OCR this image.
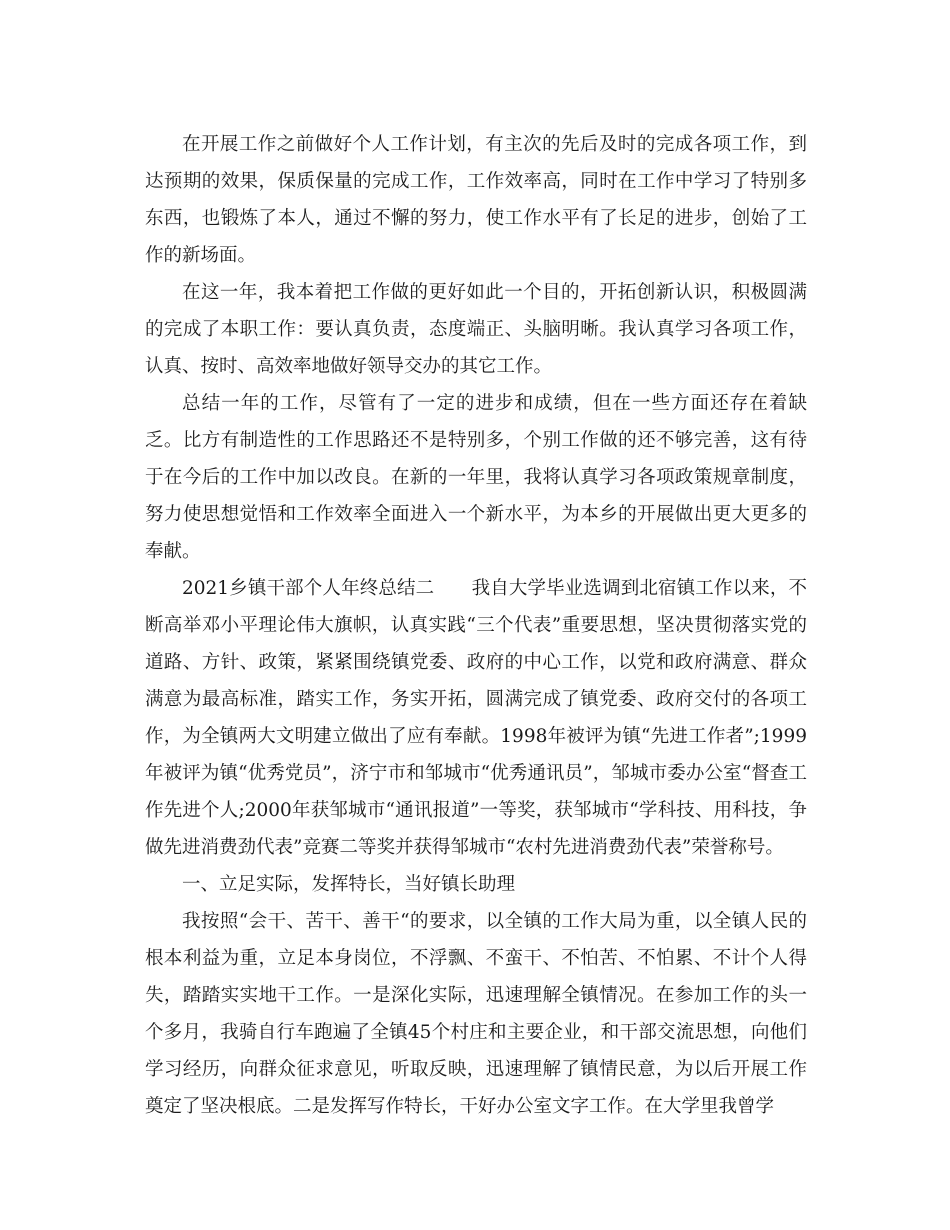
在开展工作之前做好个人工作计划，有主次的先后及时的完成各项工作，到达预期的效果，保质保量的完成工作，工作效率高，同时在工作中学习了特别多东西，也锻炼了本人，通过不懈的努力，使工作水平有了长足的进步，创始了工作的新场面。

在这一年，我本着把工作做的更好如此一个目的，开拓创新认识，积极圆满的完成了本职工作：要认真负责，态度端正、头脑明晰。我认真学习各项工作，认真、按时、高效率地做好领导交办的其它工作。

总结一年的工作，尽管有了一定的进步和成绩，但在一些方面还存在着缺乏。比方有制造性的工作思路还不是特别多，个别工作做的还不够完善，这有待于在今后的工作中加以改良。在新的一年里，我将认真学习各项政策规章制度，努力使思想觉悟和工作效率全面进入一个新水平，为本乡的开展做出更大更多的奉献。

2021乡镇干部个人年终总结二　　我自大学毕业选调到北宿镇工作以来，不断高举邓小平理论伟大旗帜，认真实践“三个代表”重要思想，坚决贯彻落实党的道路、方针、政策，紧紧围绕镇党委、政府的中心工作，以党和政府满意、群众满意为最高标准，踏实工作，务实开拓，圆满完成了镇党委、政府交付的各项工作，为全镇两大文明建立做出了应有奉献。1998年被评为镇“先进工作者”;1999年被评为镇“优秀党员”，济宁市和邹城市“优秀通讯员”，邹城市委办公室“督查工作先进个人;2000年获邹城市“通讯报道”一等奖，获邹城市“学科技、用科技，争做先进消费劲代表”竞赛二等奖并获得邹城市“农村先进消费劲代表”荣誉称号。

一、立足实际，发挥特长，当好镇长助理

我按照“会干、苦干、善干“的要求，以全镇的工作大局为重，以全镇人民的根本利益为重，立足本身岗位，不浮飘、不蛮干、不怕苦、不怕累、不计个人得失，踏踏实实地干工作。一是深化实际，迅速理解全镇情况。在参加工作的头一个多月，我骑自行车跑遍了全镇45个村庄和主要企业，和干部交流思想，向他们学习经历，向群众征求意见，听取反映，迅速理解了镇情民意，为以后开展工作奠定了坚决根底。二是发挥写作特长，干好办公室文字工作。在大学里我曾学
